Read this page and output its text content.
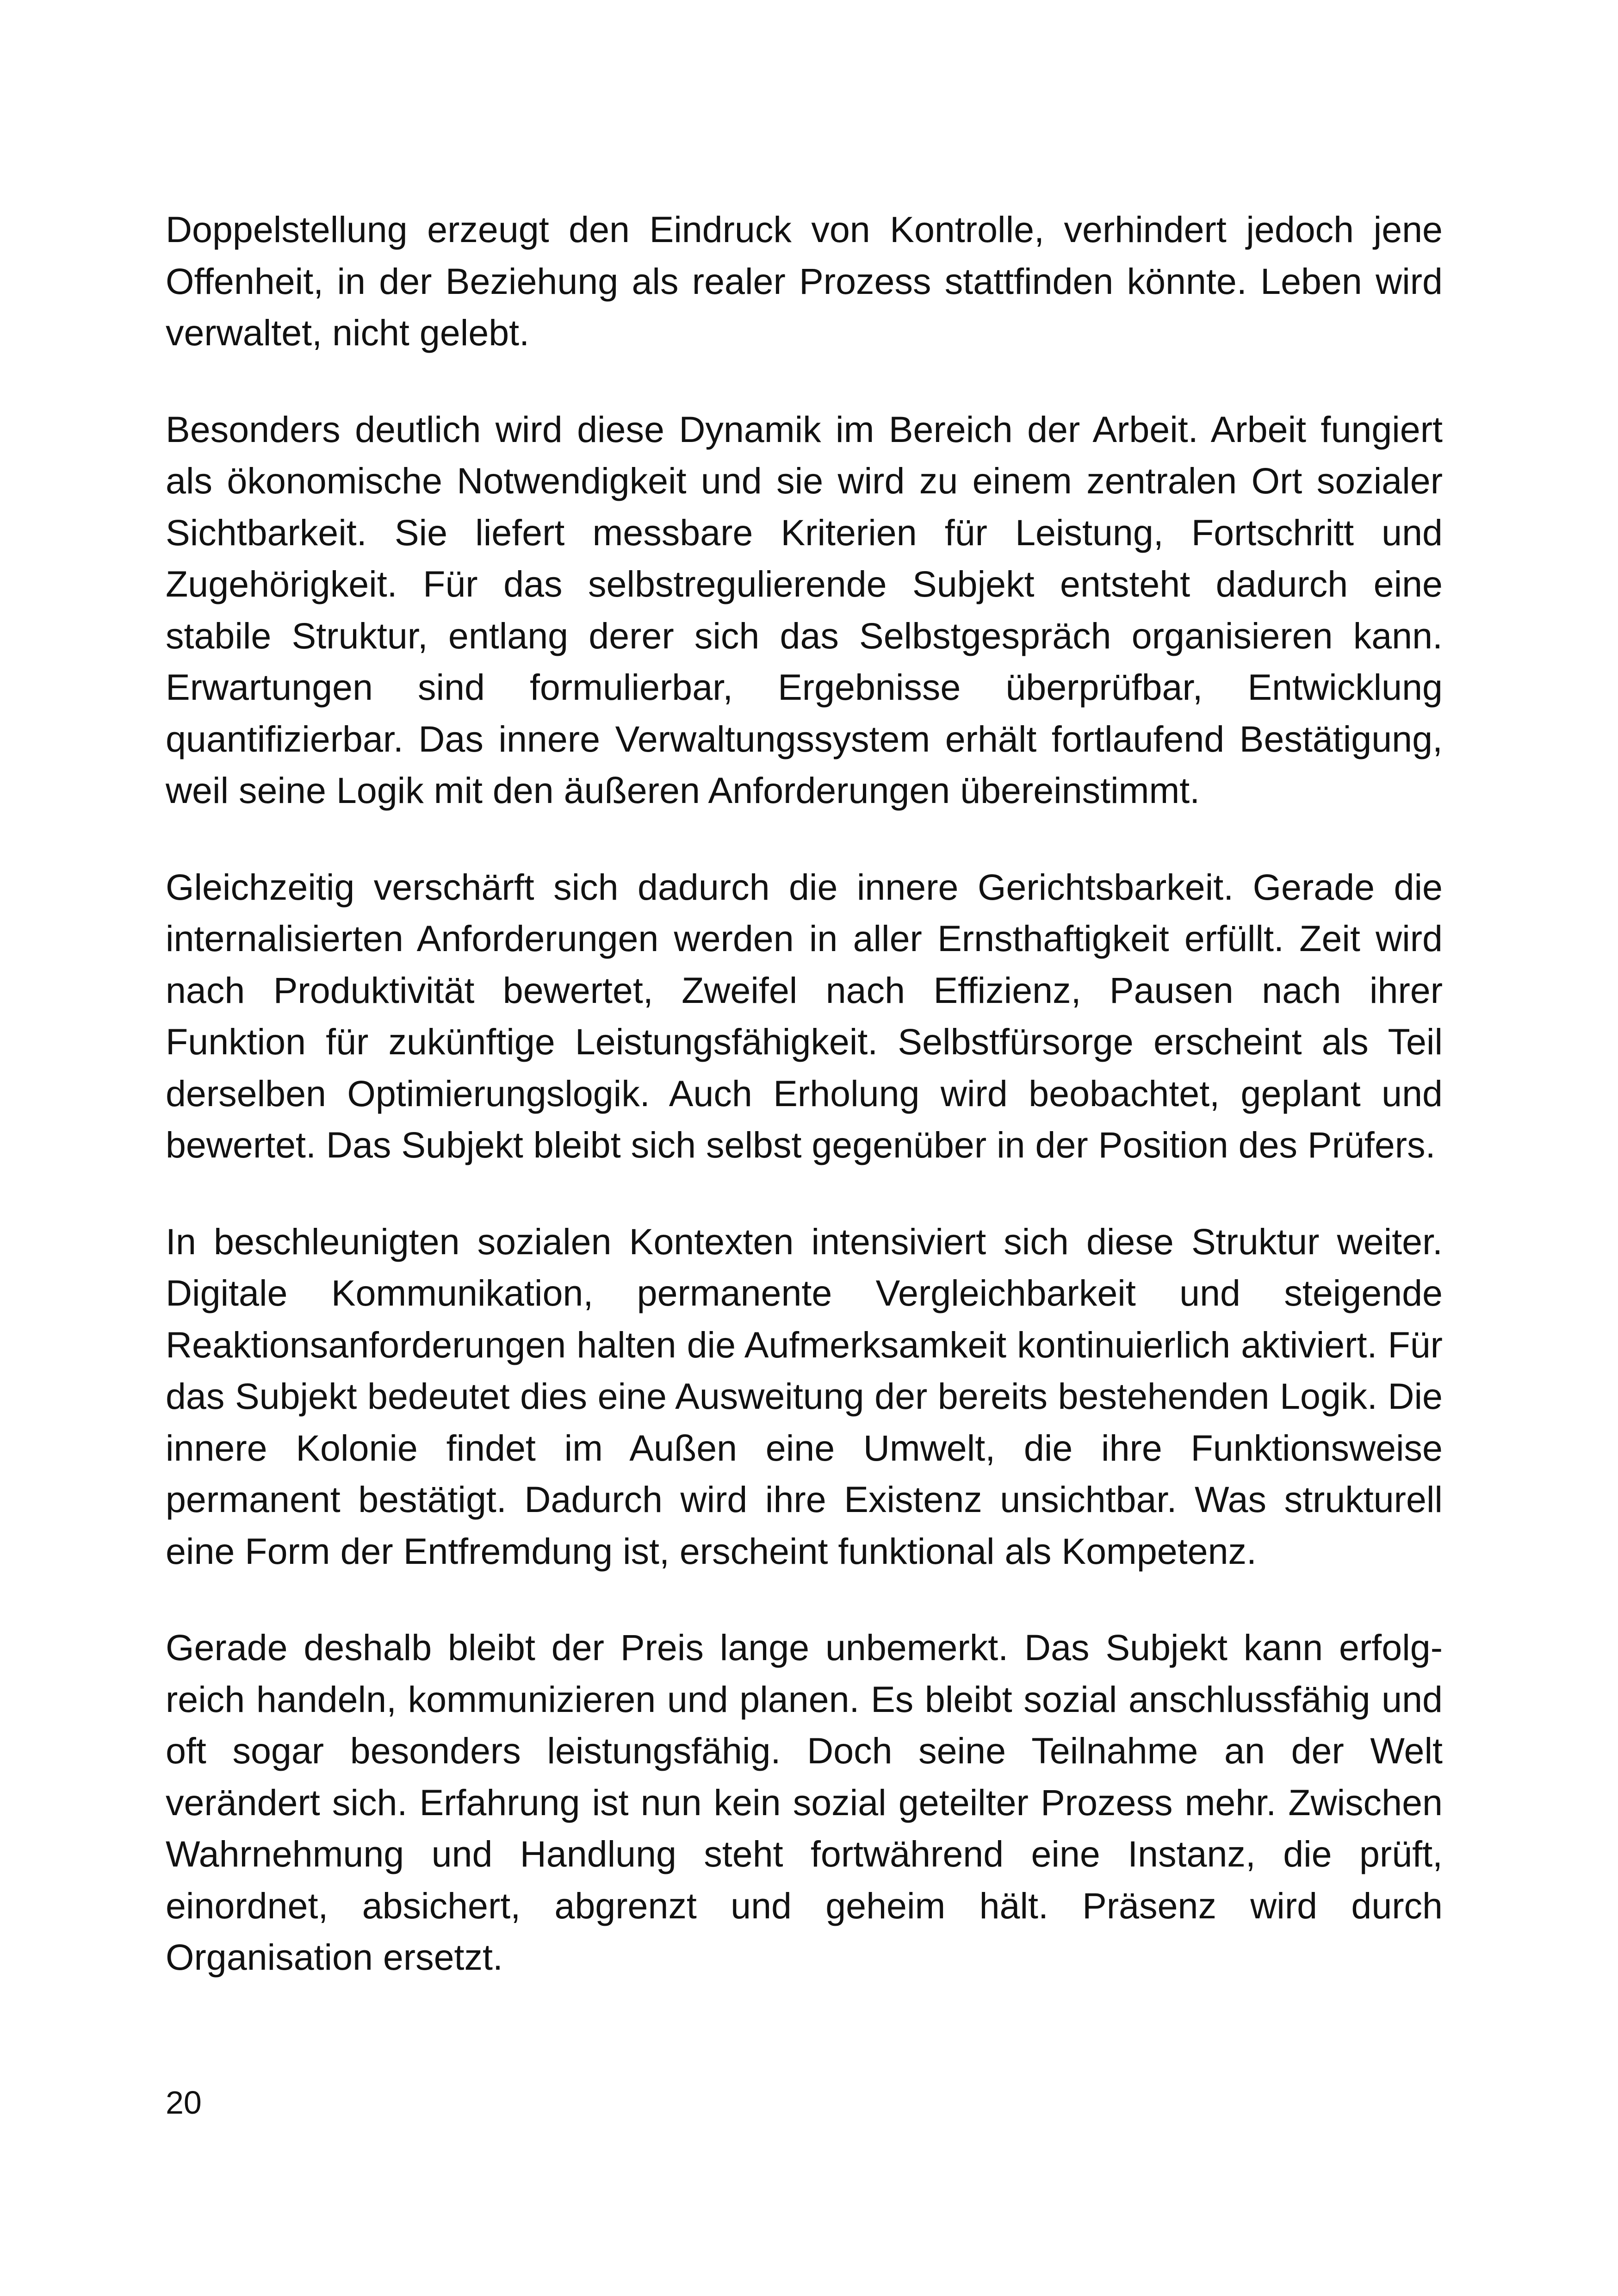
Doppelstellung erzeugt den Eindruck von Kontrolle, verhindert jedoch jene Offenheit, in der Beziehung als realer Prozess stattfinden könnte. Leben wird verwaltet, nicht gelebt.

Besonders deutlich wird diese Dynamik im Bereich der Arbeit. Arbeit fungiert als ökonomische Notwendigkeit und sie wird zu einem zentralen Ort sozialer Sichtbarkeit. Sie liefert messbare Kriterien für Leistung, Fortschritt und Zugehörigkeit. Für das selbstregulierende Subjekt entsteht dadurch eine stabile Struktur, entlang derer sich das Selbstgespräch organisieren kann. Erwartungen sind formulierbar, Ergebnisse überprüfbar, Entwicklung quantifizierbar. Das innere Verwaltungssystem erhält fortlaufend Bestätigung, weil seine Logik mit den äußeren Anforderungen übereinstimmt.

Gleichzeitig verschärft sich dadurch die innere Gerichtsbarkeit. Gerade die internalisierten Anforderungen werden in aller Ernsthaftigkeit erfüllt. Zeit wird nach Produktivität bewertet, Zweifel nach Effizienz, Pausen nach ihrer Funktion für zukünftige Leistungsfähigkeit. Selbstfürsorge erscheint als Teil derselben Optimierungslogik. Auch Erholung wird beobachtet, geplant und bewertet. Das Subjekt bleibt sich selbst gegenüber in der Position des Prüfers.

In beschleunigten sozialen Kontexten intensiviert sich diese Struktur weiter. Digitale Kommunikation, permanente Vergleichbarkeit und steigende Reaktionsanforderungen halten die Aufmerksamkeit kontinuierlich aktiviert. Für das Subjekt bedeutet dies eine Ausweitung der bereits bestehenden Logik. Die innere Kolonie findet im Außen eine Umwelt, die ihre Funktionsweise permanent bestätigt. Dadurch wird ihre Existenz unsichtbar. Was strukturell eine Form der Entfremdung ist, erscheint funktional als Kompetenz.

Gerade deshalb bleibt der Preis lange unbemerkt. Das Subjekt kann erfolgreich handeln, kommunizieren und planen. Es bleibt sozial anschlussfähig und oft sogar besonders leistungsfähig. Doch seine Teilnahme an der Welt verändert sich. Erfahrung ist nun kein sozial geteilter Prozess mehr. Zwischen Wahrnehmung und Handlung steht fortwährend eine Instanz, die prüft, einordnet, absichert, abgrenzt und geheim hält. Präsenz wird durch Organisation ersetzt.

20
